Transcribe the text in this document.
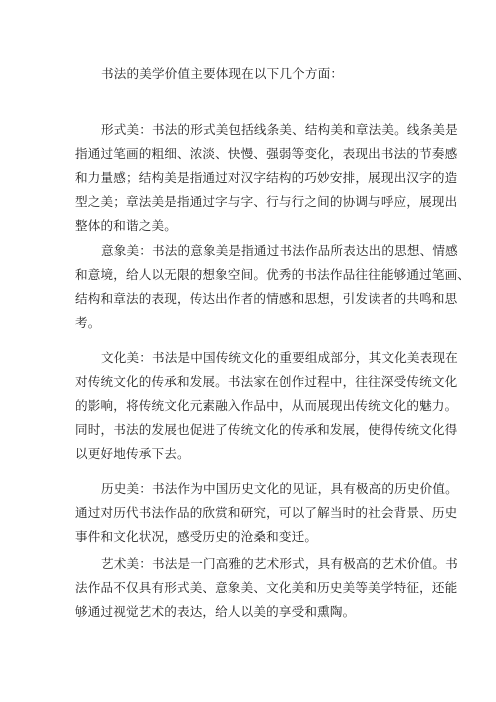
书法的美学价值主要体现在以下几个方面：
形式美：书法的形式美包括线条美、结构美和章法美。线条美是
指通过笔画的粗细、浓淡、快慢、强弱等变化，表现出书法的节奏感
和力量感；结构美是指通过对汉字结构的巧妙安排，展现出汉字的造
型之美；章法美是指通过字与字、行与行之间的协调与呼应，展现出
整体的和谐之美。
意象美：书法的意象美是指通过书法作品所表达出的思想、情感
和意境，给人以无限的想象空间。优秀的书法作品往往能够通过笔画、
结构和章法的表现，传达出作者的情感和思想，引发读者的共鸣和思
考。
文化美：书法是中国传统文化的重要组成部分，其文化美表现在
对传统文化的传承和发展。书法家在创作过程中，往往深受传统文化
的影响，将传统文化元素融入作品中，从而展现出传统文化的魅力。
同时，书法的发展也促进了传统文化的传承和发展，使得传统文化得
以更好地传承下去。
历史美：书法作为中国历史文化的见证，具有极高的历史价值。
通过对历代书法作品的欣赏和研究，可以了解当时的社会背景、历史
事件和文化状况，感受历史的沧桑和变迁。
艺术美：书法是一门高雅的艺术形式，具有极高的艺术价值。书
法作品不仅具有形式美、意象美、文化美和历史美等美学特征，还能
够通过视觉艺术的表达，给人以美的享受和熏陶。
